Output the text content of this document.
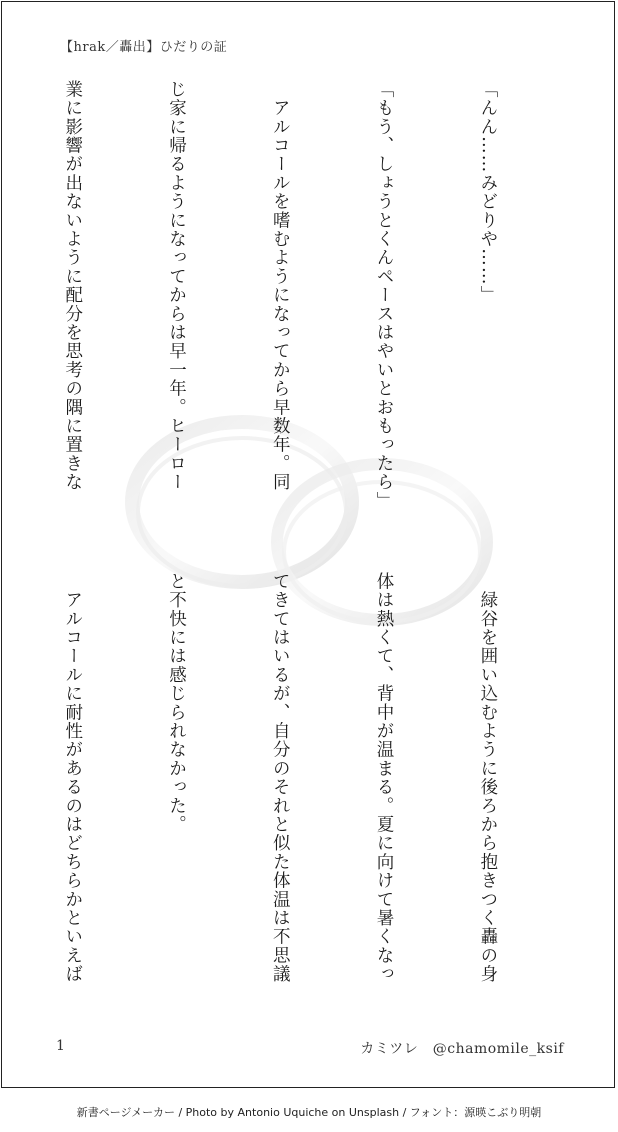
【hrak／轟出】ひだりの証

「んん……みどりや……」

「もう、しょうとくんペースはやいとおもったら」

　アルコールを嗜むようになってから早数年。同

じ家に帰るようになってからは早一年。ヒーロー

業に影響が出ないように配分を思考の隅に置きな

　緑谷を囲い込むように後ろから抱きつく轟の身

体は熱くて、背中が温まる。夏に向けて暑くなっ

てきてはいるが、自分のそれと似た体温は不思議

と不快には感じられなかった。

　アルコールに耐性があるのはどちらかといえば

1	カミツレ　@chamomile_ksif
新書ページメーカー / Photo by Antonio Uquiche on Unsplash / フォント：源暎こぶり明朝
